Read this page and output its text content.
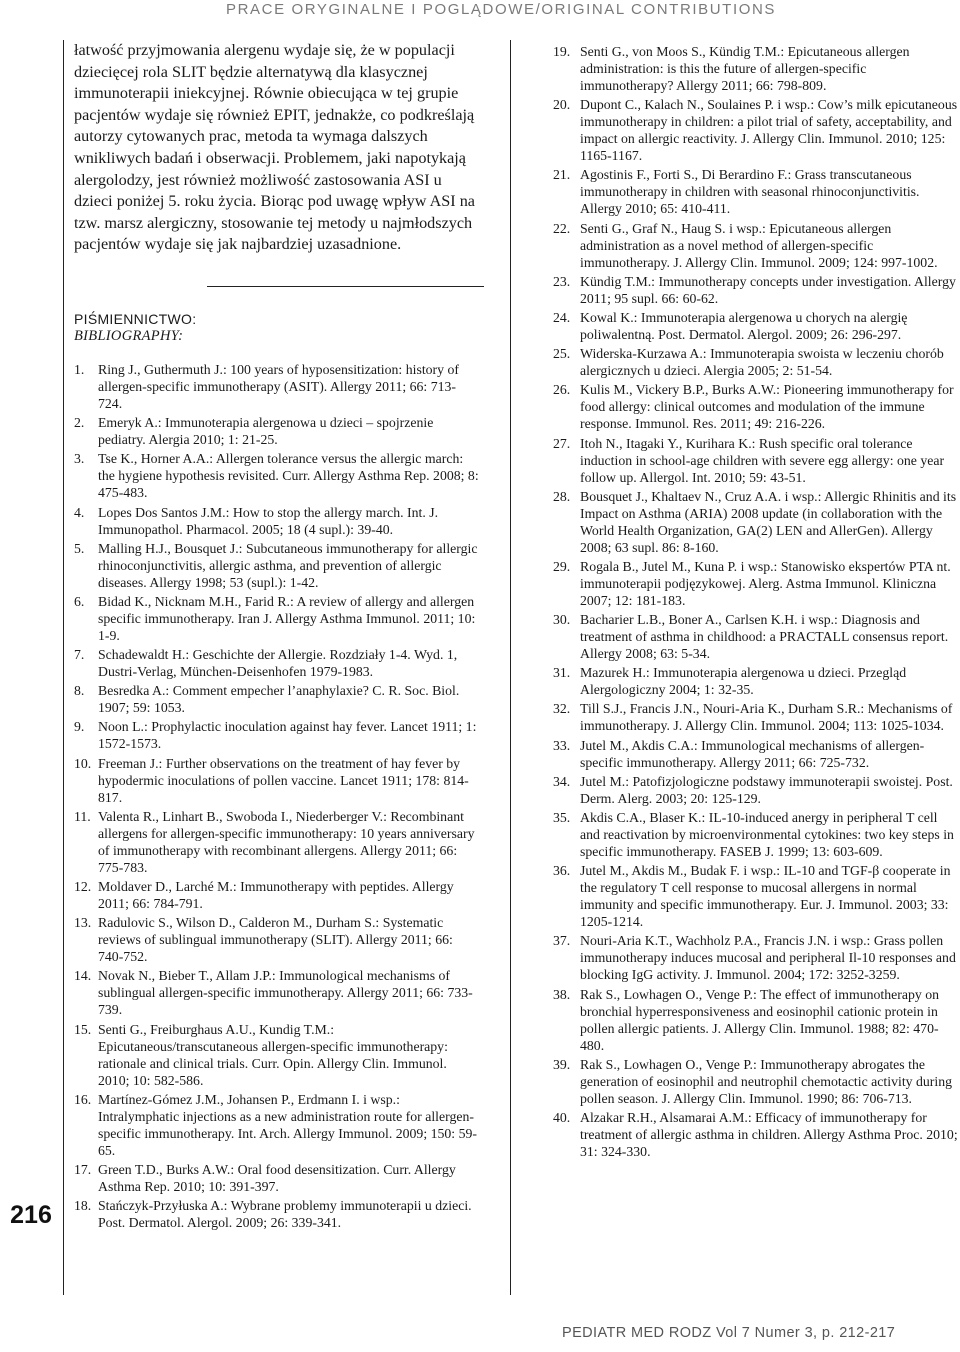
PRACE ORYGINALNE I POGLĄDOWE/ORIGINAL CONTRIBUTIONS
216

łatwość przyjmowania alergenu wydaje się, że w populacji dziecięcej rola SLIT będzie alternatywą dla klasycznej immunoterapii iniekcyjnej. Równie obiecująca w tej grupie pacjentów wydaje się również EPIT, jednakże, co podkreślają autorzy cytowanych prac, metoda ta wymaga dalszych wnikliwych badań i obserwacji. Problemem, jaki napotykają alergolodzy, jest również możliwość zastosowania ASI u dzieci poniżej 5. roku życia. Biorąc pod uwagę wpływ ASI na tzw. marsz alergiczny, stosowanie tej metody u najmłodszych pacjentów wydaje się jak najbardziej uzasadnione.

PIŚMIENNICTWO:
BIBLIOGRAPHY:
1. Ring J., Guthermuth J.: 100 years of hyposensitization: history of allergen-specific immunotherapy (ASIT). Allergy 2011; 66: 713-724.
2. Emeryk A.: Immunoterapia alergenowa u dzieci – spojrzenie pediatry. Alergia 2010; 1: 21-25.
3. Tse K., Horner A.A.: Allergen tolerance versus the allergic march: the hygiene hypothesis revisited. Curr. Allergy Asthma Rep. 2008; 8: 475-483.
4. Lopes Dos Santos J.M.: How to stop the allergy march. Int. J. Immunopathol. Pharmacol. 2005; 18 (4 supl.): 39-40.
5. Malling H.J., Bousquet J.: Subcutaneous immunotherapy for allergic rhinoconjunctivitis, allergic asthma, and prevention of allergic diseases. Allergy 1998; 53 (supl.): 1-42.
6. Bidad K., Nicknam M.H., Farid R.: A review of allergy and allergen specific immunotherapy. Iran J. Allergy Asthma Immunol. 2011; 10: 1-9.
7. Schadewaldt H.: Geschichte der Allergie. Rozdziały 1-4. Wyd. 1, Dustri-Verlag, München-Deisenhofen 1979-1983.
8. Besredka A.: Comment empecher l’anaphylaxie? C. R. Soc. Biol. 1907; 59: 1053.
9. Noon L.: Prophylactic inoculation against hay fever. Lancet 1911; 1: 1572-1573.
10. Freeman J.: Further observations on the treatment of hay fever by hypodermic inoculations of pollen vaccine. Lancet 1911; 178: 814-817.
11. Valenta R., Linhart B., Swoboda I., Niederberger V.: Recombinant allergens for allergen-specific immunotherapy: 10 years anniversary of immunotherapy with recombinant allergens. Allergy 2011; 66: 775-783.
12. Moldaver D., Larché M.: Immunotherapy with peptides. Allergy 2011; 66: 784-791.
13. Radulovic S., Wilson D., Calderon M., Durham S.: Systematic reviews of sublingual immunotherapy (SLIT). Allergy 2011; 66: 740-752.
14. Novak N., Bieber T., Allam J.P.: Immunological mechanisms of sublingual allergen-specific immunotherapy. Allergy 2011; 66: 733-739.
15. Senti G., Freiburghaus A.U., Kundig T.M.: Epicutaneous/transcutaneous allergen-specific immunotherapy: rationale and clinical trials. Curr. Opin. Allergy Clin. Immunol. 2010; 10: 582-586.
16. Martínez-Gómez J.M., Johansen P., Erdmann I. i wsp.: Intralymphatic injections as a new administration route for allergen-specific immunotherapy. Int. Arch. Allergy Immunol. 2009; 150: 59-65.
17. Green T.D., Burks A.W.: Oral food desensitization. Curr. Allergy Asthma Rep. 2010; 10: 391-397.
18. Stańczyk-Przyłuska A.: Wybrane problemy immunoterapii u dzieci. Post. Dermatol. Alergol. 2009; 26: 339-341.
19. Senti G., von Moos S., Kündig T.M.: Epicutaneous allergen administration: is this the future of allergen-specific immunotherapy? Allergy 2011; 66: 798-809.
20. Dupont C., Kalach N., Soulaines P. i wsp.: Cow’s milk epicutaneous immunotherapy in children: a pilot trial of safety, acceptability, and impact on allergic reactivity. J. Allergy Clin. Immunol. 2010; 125: 1165-1167.
21. Agostinis F., Forti S., Di Berardino F.: Grass transcutaneous immunotherapy in children with seasonal rhinoconjunctivitis. Allergy 2010; 65: 410-411.
22. Senti G., Graf N., Haug S. i wsp.: Epicutaneous allergen administration as a novel method of allergen-specific immunotherapy. J. Allergy Clin. Immunol. 2009; 124: 997-1002.
23. Kündig T.M.: Immunotherapy concepts under investigation. Allergy 2011; 95 supl. 66: 60-62.
24. Kowal K.: Immunoterapia alergenowa u chorych na alergię poliwalentną. Post. Dermatol. Alergol. 2009; 26: 296-297.
25. Widerska-Kurzawa A.: Immunoterapia swoista w leczeniu chorób alergicznych u dzieci. Alergia 2005; 2: 51-54.
26. Kulis M., Vickery B.P., Burks A.W.: Pioneering immunotherapy for food allergy: clinical outcomes and modulation of the immune response. Immunol. Res. 2011; 49: 216-226.
27. Itoh N., Itagaki Y., Kurihara K.: Rush specific oral tolerance induction in school-age children with severe egg allergy: one year follow up. Allergol. Int. 2010; 59: 43-51.
28. Bousquet J., Khaltaev N., Cruz A.A. i wsp.: Allergic Rhinitis and its Impact on Asthma (ARIA) 2008 update (in collaboration with the World Health Organization, GA(2) LEN and AllerGen). Allergy 2008; 63 supl. 86: 8-160.
29. Rogala B., Jutel M., Kuna P. i wsp.: Stanowisko ekspertów PTA nt. immunoterapii podjęzykowej. Alerg. Astma Immunol. Kliniczna 2007; 12: 181-183.
30. Bacharier L.B., Boner A., Carlsen K.H. i wsp.: Diagnosis and treatment of asthma in childhood: a PRACTALL consensus report. Allergy 2008; 63: 5-34.
31. Mazurek H.: Immunoterapia alergenowa u dzieci. Przegląd Alergologiczny 2004; 1: 32-35.
32. Till S.J., Francis J.N., Nouri-Aria K., Durham S.R.: Mechanisms of immunotherapy. J. Allergy Clin. Immunol. 2004; 113: 1025-1034.
33. Jutel M., Akdis C.A.: Immunological mechanisms of allergen-specific immunotherapy. Allergy 2011; 66: 725-732.
34. Jutel M.: Patofizjologiczne podstawy immunoterapii swoistej. Post. Derm. Alerg. 2003; 20: 125-129.
35. Akdis C.A., Blaser K.: IL-10-induced anergy in peripheral T cell and reactivation by microenvironmental cytokines: two key steps in specific immunotherapy. FASEB J. 1999; 13: 603-609.
36. Jutel M., Akdis M., Budak F. i wsp.: IL-10 and TGF-β cooperate in the regulatory T cell response to mucosal allergens in normal immunity and specific immunotherapy. Eur. J. Immunol. 2003; 33: 1205-1214.
37. Nouri-Aria K.T., Wachholz P.A., Francis J.N. i wsp.: Grass pollen immunotherapy induces mucosal and peripheral Il-10 responses and blocking IgG activity. J. Immunol. 2004; 172: 3252-3259.
38. Rak S., Lowhagen O., Venge P.: The effect of immunotherapy on bronchial hyperresponsiveness and eosinophil cationic protein in pollen allergic patients. J. Allergy Clin. Immunol. 1988; 82: 470-480.
39. Rak S., Lowhagen O., Venge P.: Immunotherapy abrogates the generation of eosinophil and neutrophil chemotactic activity during pollen season. J. Allergy Clin. Immunol. 1990; 86: 706-713.
40. Alzakar R.H., Alsamarai A.M.: Efficacy of immunotherapy for treatment of allergic asthma in children. Allergy Asthma Proc. 2010; 31: 324-330.
PEDIATR MED RODZ Vol 7 Numer 3, p. 212-217
